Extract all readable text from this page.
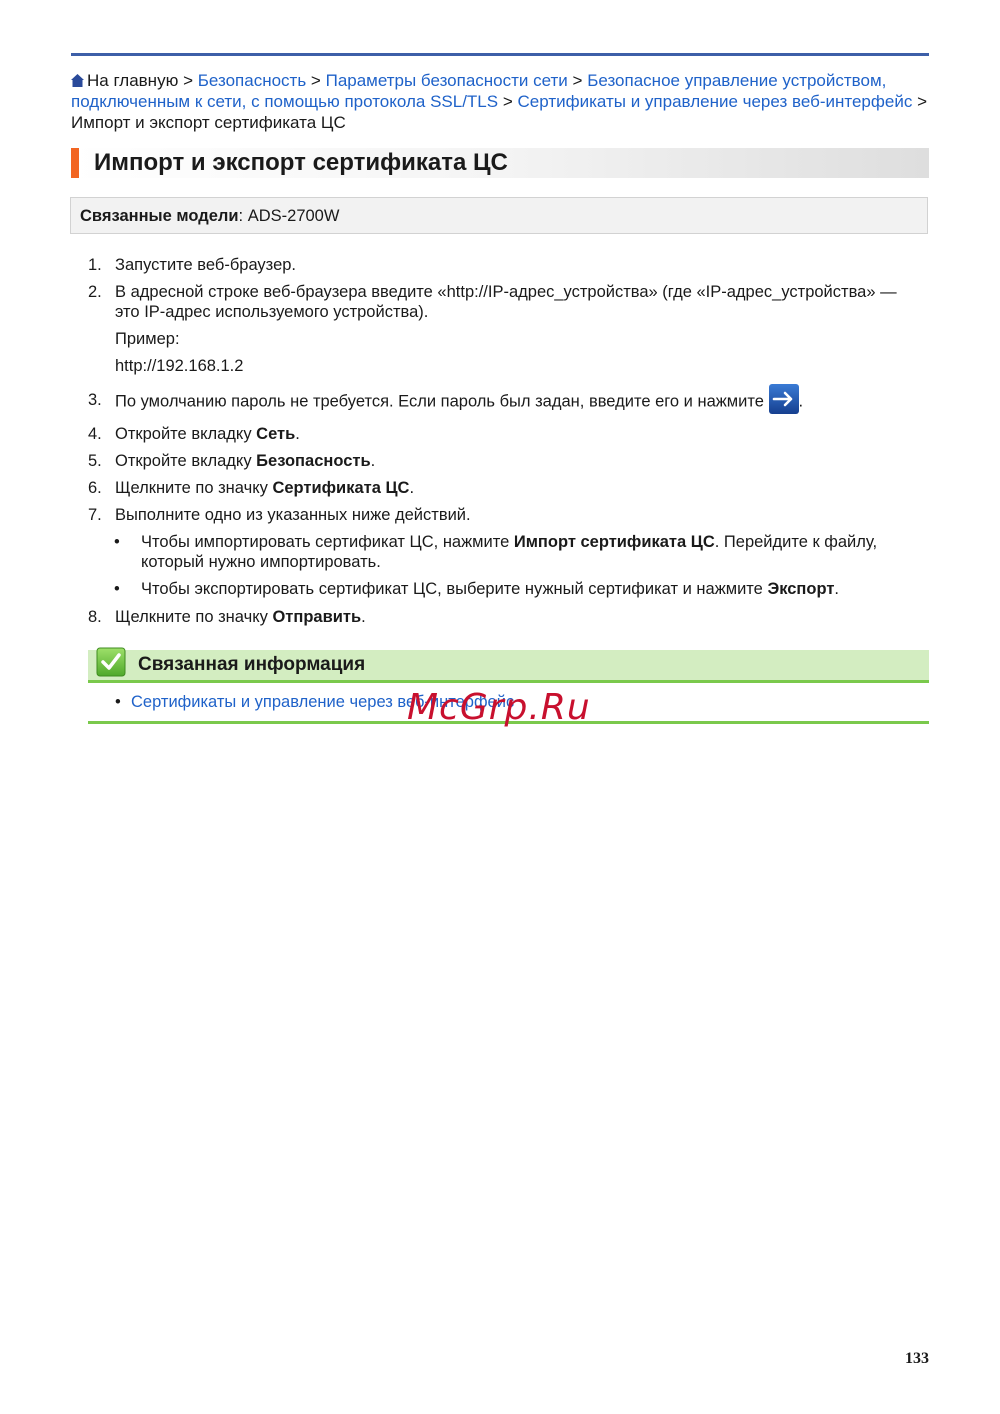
На главную > Безопасность > Параметры безопасности сети > Безопасное управление устройством, подключенным к сети, с помощью протокола SSL/TLS > Сертификаты и управление через веб-интерфейс > Импорт и экспорт сертификата ЦС
Импорт и экспорт сертификата ЦС
Связанные модели: ADS-2700W
1. Запустите веб-браузер.
2. В адресной строке веб-браузера введите «http://IP-адрес_устройства» (где «IP-адрес_устройства» — это IP-адрес используемого устройства).
Пример:
http://192.168.1.2
3. По умолчанию пароль не требуется. Если пароль был задан, введите его и нажмите .
4. Откройте вкладку Сеть.
5. Откройте вкладку Безопасность.
6. Щелкните по значку Сертификата ЦС.
7. Выполните одно из указанных ниже действий.
• Чтобы импортировать сертификат ЦС, нажмите Импорт сертификата ЦС. Перейдите к файлу, который нужно импортировать.
• Чтобы экспортировать сертификат ЦС, выберите нужный сертификат и нажмите Экспорт.
8. Щелкните по значку Отправить.
Связанная информация
• Сертификаты и управление через веб-интерфейс
McGrp.Ru
133
